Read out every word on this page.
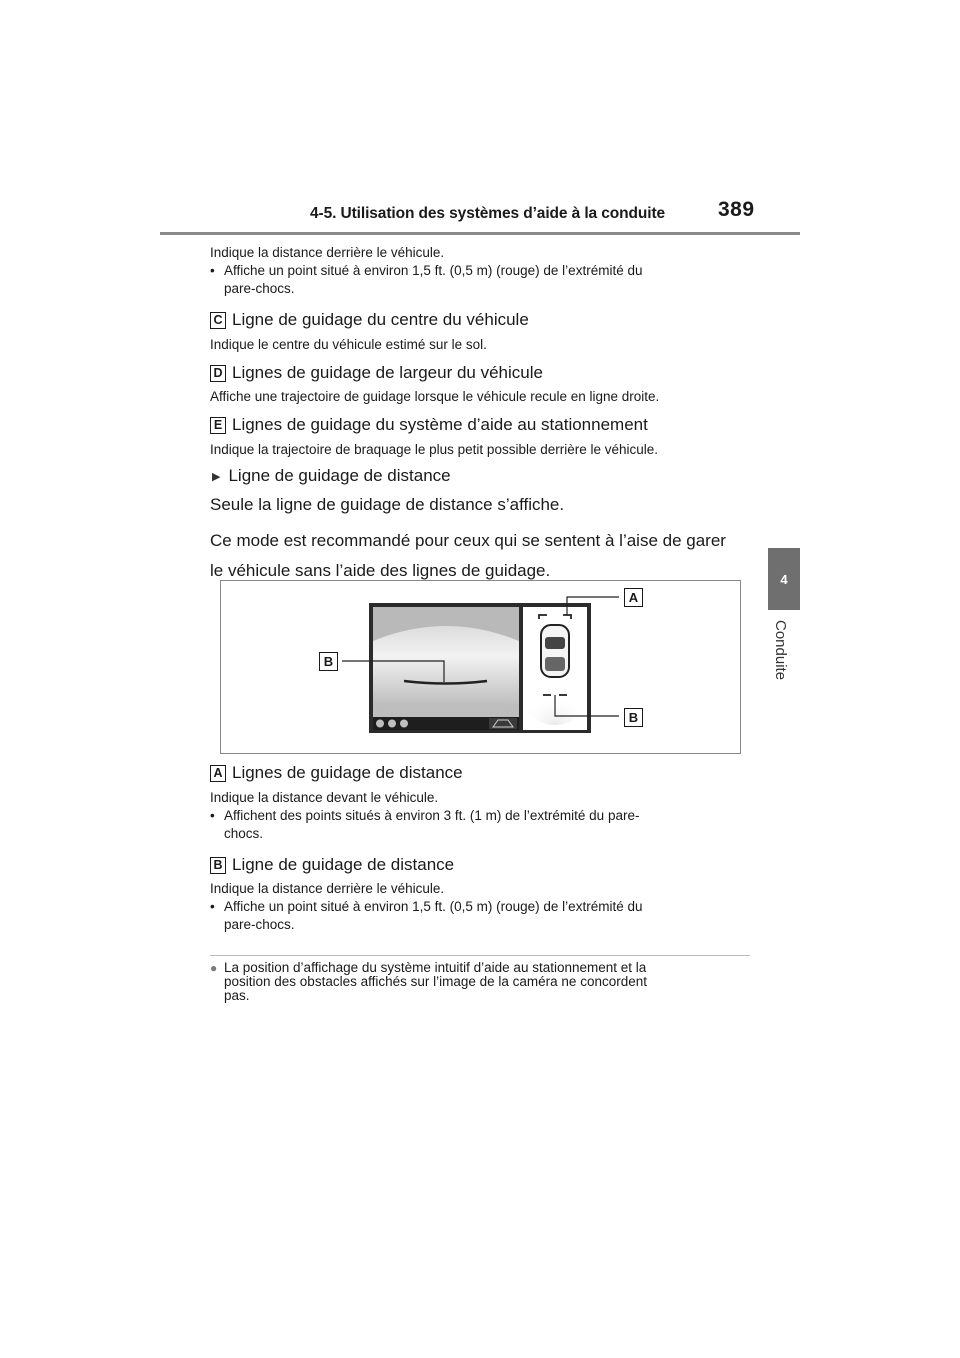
4-5. Utilisation des systèmes d’aide à la conduite	389
4
Conduite
Indique la distance derrière le véhicule.
• Affiche un point situé à environ 1,5 ft. (0,5 m) (rouge) de l’extrémité du
pare-chocs.
C Ligne de guidage du centre du véhicule
Indique le centre du véhicule estimé sur le sol.
D Lignes de guidage de largeur du véhicule
Affiche une trajectoire de guidage lorsque le véhicule recule en ligne droite.
E Lignes de guidage du système d’aide au stationnement
Indique la trajectoire de braquage le plus petit possible derrière le véhicule.
▶ Ligne de guidage de distance
Seule la ligne de guidage de distance s’affiche.
Ce mode est recommandé pour ceux qui se sentent à l’aise de garer
le véhicule sans l’aide des lignes de guidage.
A
B
B
A Lignes de guidage de distance
Indique la distance devant le véhicule.
• Affichent des points situés à environ 3 ft. (1 m) de l’extrémité du pare-
chocs.
B Ligne de guidage de distance
Indique la distance derrière le véhicule.
• Affiche un point situé à environ 1,5 ft. (0,5 m) (rouge) de l’extrémité du
pare-chocs.
● La position d’affichage du système intuitif d’aide au stationnement et la
position des obstacles affichés sur l’image de la caméra ne concordent
pas.
